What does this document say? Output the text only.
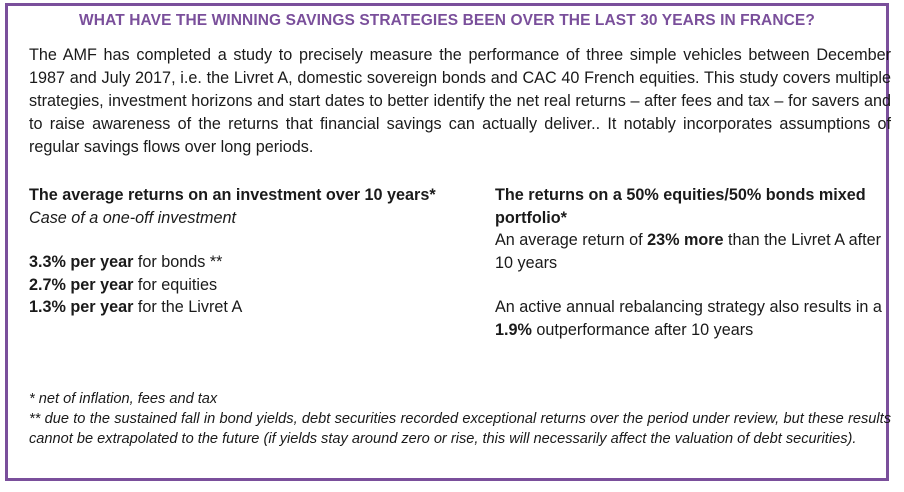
WHAT HAVE THE WINNING SAVINGS STRATEGIES BEEN OVER THE LAST 30 YEARS IN FRANCE?

The AMF has completed a study to precisely measure the performance of three simple vehicles between December 1987 and July 2017, i.e. the Livret A, domestic sovereign bonds and CAC 40 French equities. This study covers multiple strategies, investment horizons and start dates to better identify the net real returns – after fees and tax – for savers and to raise awareness of the returns that financial savings can actually deliver.. It notably incorporates assumptions of regular savings flows over long periods.

The average returns on an investment over 10 years*

Case of a one-off investment

3.3% per year for bonds **

2.7% per year for equities

1.3% per year for the Livret A

The returns on a 50% equities/50% bonds mixed portfolio*

An average return of 23% more than the Livret A after 10 years

An active annual rebalancing strategy also results in a 1.9% outperformance after 10 years

* net of inflation, fees and tax

** due to the sustained fall in bond yields, debt securities recorded exceptional returns over the period under review, but these results cannot be extrapolated to the future (if yields stay around zero or rise, this will necessarily affect the valuation of debt securities).
